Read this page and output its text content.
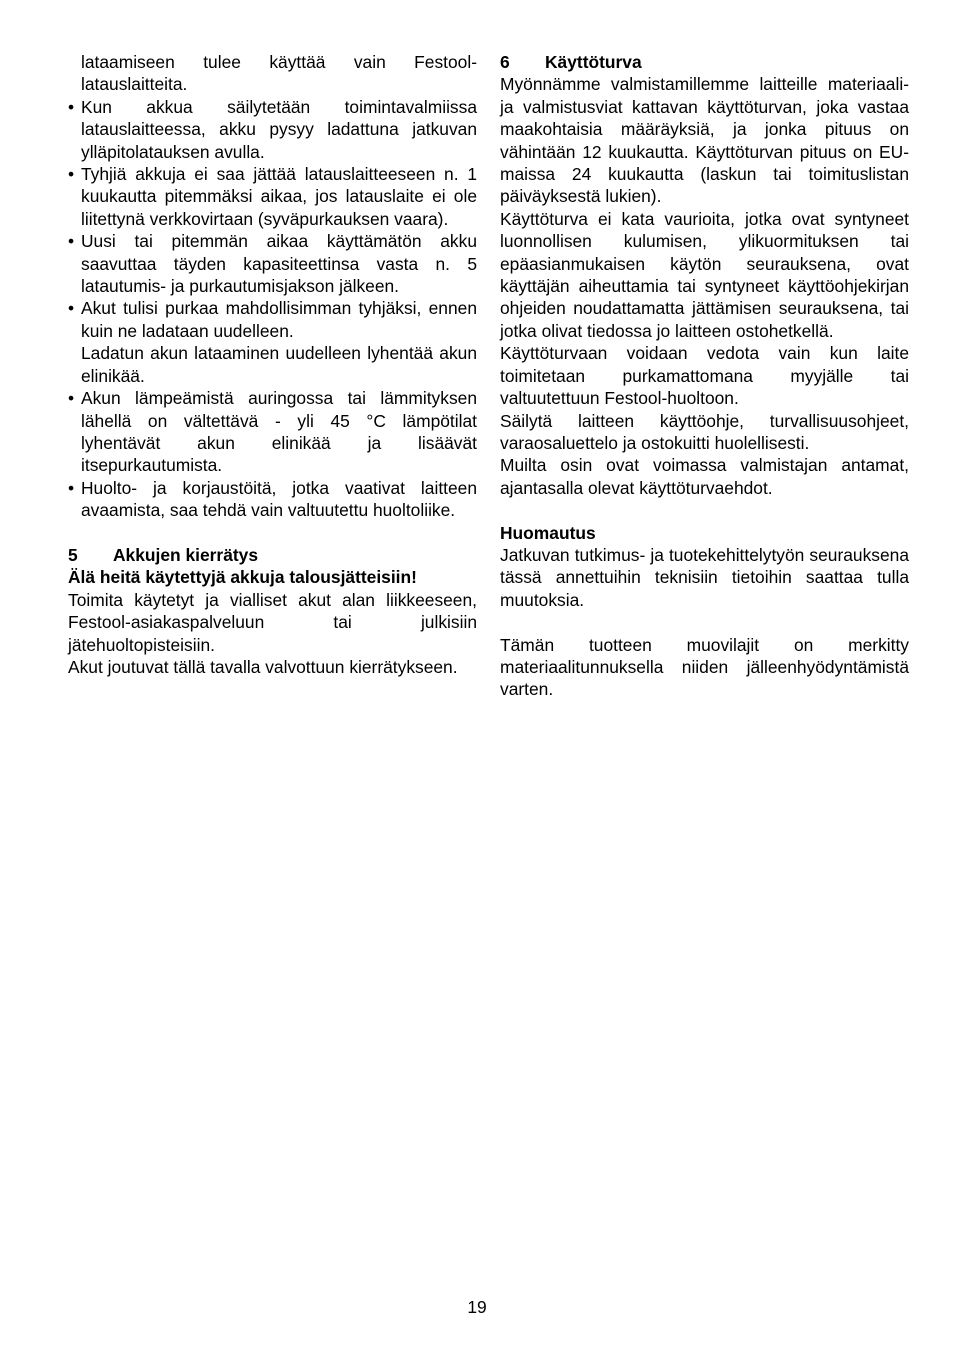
lataamiseen tulee käyttää vain Festool-latauslaitteita.

• Kun akkua säilytetään toimintavalmiissa latauslaitteessa, akku pysyy ladattuna jatkuvan ylläpitolatauksen avulla.
• Tyhjiä akkuja ei saa jättää latauslaitteeseen n. 1 kuukautta pitemmäksi aikaa, jos latauslaite ei ole liitettynä verkkovirtaan (syväpurkauksen vaara).
• Uusi tai pitemmän aikaa käyttämätön akku saavuttaa täyden kapasiteettinsa vasta n. 5 latautumis- ja purkautumisjakson jälkeen.
• Akut tulisi purkaa mahdollisimman tyhjäksi, ennen kuin ne ladataan uudelleen.
Ladatun akun lataaminen uudelleen lyhentää akun elinikää.
• Akun lämpeämistä auringossa tai lämmityksen lähellä on vältettävä - yli 45 °C lämpötilat lyhentävät akun elinikää ja lisäävät itsepurkautumista.
• Huolto- ja korjaustöitä, jotka vaativat laitteen avaamista, saa tehdä vain valtuutettu huoltoliike.
5	Akkujen kierrätys

Älä heitä käytettyjä akkuja talousjätteisiin!

Toimita käytetyt ja vialliset akut alan liikkeeseen, Festool-asiakaspalveluun tai julkisiin jätehuoltopisteisiin.

Akut joutuvat tällä tavalla valvottuun kierrätykseen.

6	Käyttöturva

Myönnämme valmistamillemme laitteille materiaali- ja valmistusviat kattavan käyttöturvan, joka vastaa maakohtaisia määräyksiä, ja jonka pituus on vähintään 12 kuukautta. Käyttöturvan pituus on EU-maissa 24 kuukautta (laskun tai toimituslistan päiväyksestä lukien).

Käyttöturva ei kata vaurioita, jotka ovat syntyneet luonnollisen kulumisen, ylikuormituksen tai epäasianmukaisen käytön seurauksena, ovat käyttäjän aiheuttamia tai syntyneet käyttöohjekirjan ohjeiden noudattamatta jättämisen seurauksena, tai jotka olivat tiedossa jo laitteen ostohetkellä.

Käyttöturvaan voidaan vedota vain kun laite toimitetaan purkamattomana myyjälle tai valtuutettuun Festool-huoltoon.

Säilytä laitteen käyttöohje, turvallisuusohjeet, varaosaluettelo ja ostokuitti huolellisesti.

Muilta osin ovat voimassa valmistajan antamat, ajantasalla olevat käyttöturvaehdot.

Huomautus

Jatkuvan tutkimus- ja tuotekehittelytyön seurauksena tässä annettuihin teknisiin tietoihin saattaa tulla muutoksia.

Tämän tuotteen muovilajit on merkitty materiaalitunnuksella niiden jälleenhyödyntämistä varten.

19
